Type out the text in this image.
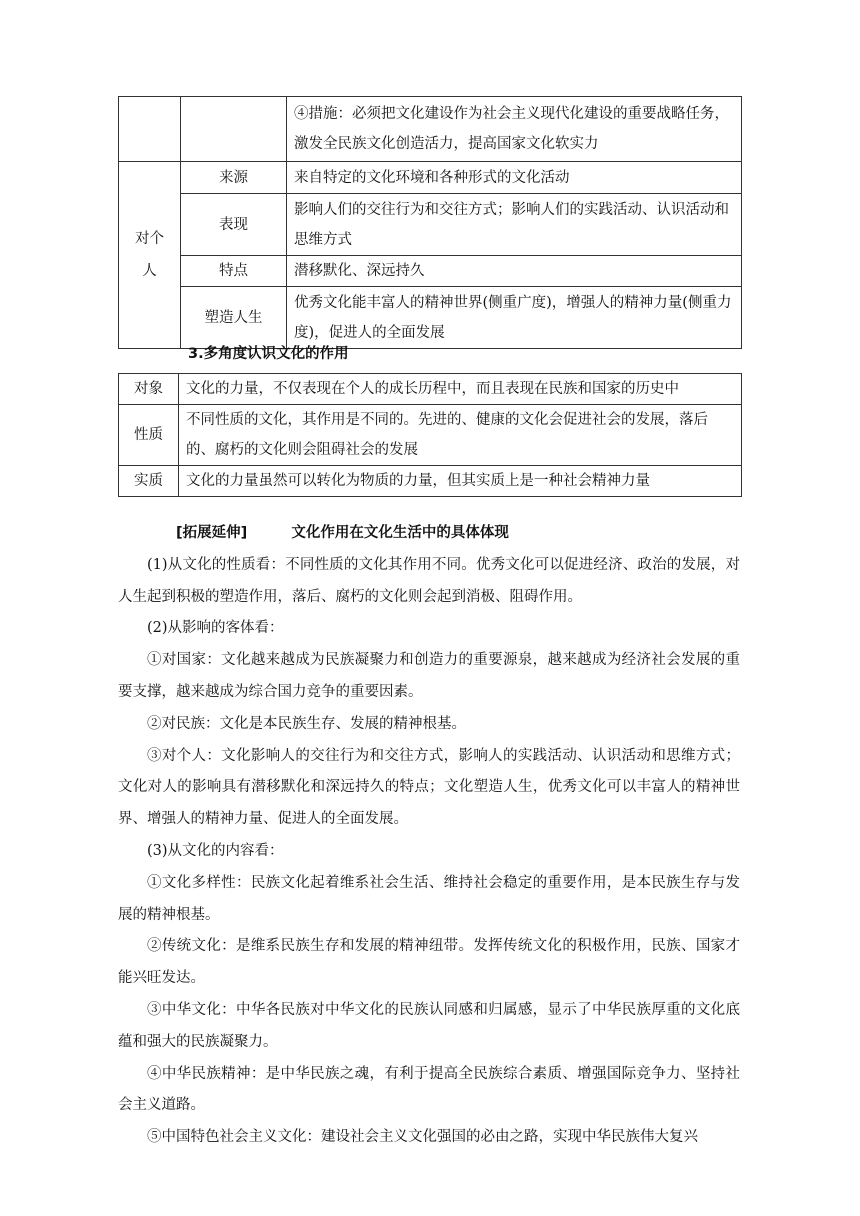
		④措施：必须把文化建设作为社会主义现代化建设的重要战略任务，激发全民族文化创造活力，提高国家文化软实力

对个人	来源	来自特定的文化环境和各种形式的文化活动
	表现	影响人们的交往行为和交往方式；影响人们的实践活动、认识活动和思维方式
	特点	潜移默化、深远持久
	塑造人生	优秀文化能丰富人的精神世界(侧重广度)，增强人的精神力量(侧重力度)，促进人的全面发展
3.多角度认识文化的作用
对象	文化的力量，不仅表现在个人的成长历程中，而且表现在民族和国家的历史中
性质	不同性质的文化，其作用是不同的。先进的、健康的文化会促进社会的发展，落后的、腐朽的文化则会阻碍社会的发展
实质	文化的力量虽然可以转化为物质的力量，但其实质上是一种社会精神力量

[拓展延伸]	文化作用在文化生活中的具体体现

(1)从文化的性质看：不同性质的文化其作用不同。优秀文化可以促进经济、政治的发展，对人生起到积极的塑造作用，落后、腐朽的文化则会起到消极、阻碍作用。

(2)从影响的客体看：

①对国家：文化越来越成为民族凝聚力和创造力的重要源泉，越来越成为经济社会发展的重要支撑，越来越成为综合国力竞争的重要因素。

②对民族：文化是本民族生存、发展的精神根基。

③对个人：文化影响人的交往行为和交往方式，影响人的实践活动、认识活动和思维方式；文化对人的影响具有潜移默化和深远持久的特点；文化塑造人生，优秀文化可以丰富人的精神世界、增强人的精神力量、促进人的全面发展。

(3)从文化的内容看：

①文化多样性：民族文化起着维系社会生活、维持社会稳定的重要作用，是本民族生存与发展的精神根基。

②传统文化：是维系民族生存和发展的精神纽带。发挥传统文化的积极作用，民族、国家才能兴旺发达。

③中华文化：中华各民族对中华文化的民族认同感和归属感，显示了中华民族厚重的文化底蕴和强大的民族凝聚力。

④中华民族精神：是中华民族之魂，有利于提高全民族综合素质、增强国际竞争力、坚持社会主义道路。

⑤中国特色社会主义文化：建设社会主义文化强国的必由之路，实现中华民族伟大复兴
